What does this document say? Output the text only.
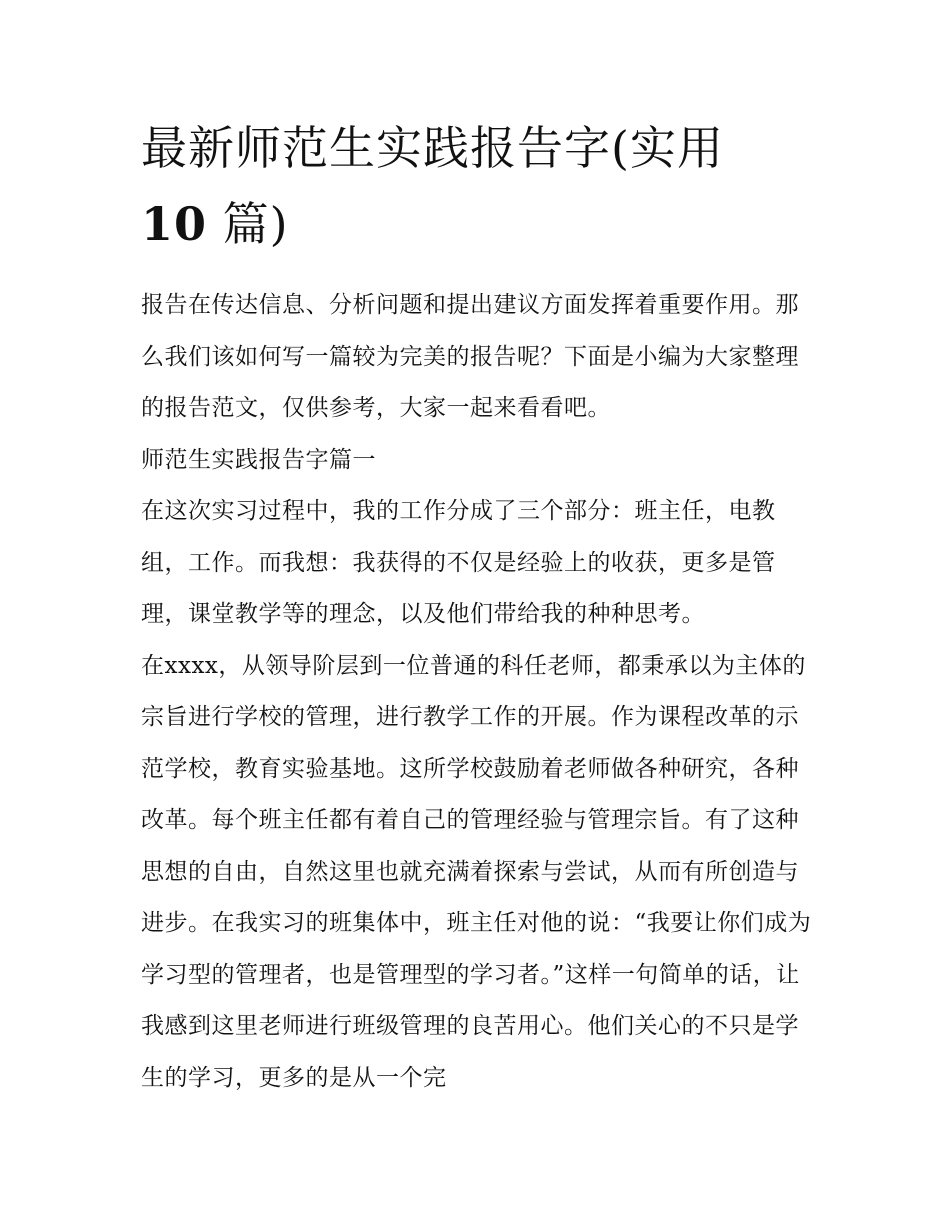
最新师范生实践报告字(实用
10 篇)

报告在传达信息、分析问题和提出建议方面发挥着重要作用。那么我们该如何写一篇较为完美的报告呢？下面是小编为大家整理的报告范文，仅供参考，大家一起来看看吧。

师范生实践报告字篇一

在这次实习过程中，我的工作分成了三个部分：班主任，电教组，工作。而我想：我获得的不仅是经验上的收获，更多是管理，课堂教学等的理念，以及他们带给我的种种思考。

在xxxx，从领导阶层到一位普通的科任老师，都秉承以为主体的宗旨进行学校的管理，进行教学工作的开展。作为课程改革的示范学校，教育实验基地。这所学校鼓励着老师做各种研究，各种改革。每个班主任都有着自己的管理经验与管理宗旨。有了这种思想的自由，自然这里也就充满着探索与尝试，从而有所创造与进步。在我实习的班集体中，班主任对他的说：“我要让你们成为学习型的管理者，也是管理型的学习者。”这样一句简单的话，让我感到这里老师进行班级管理的良苦用心。他们关心的不只是学生的学习，更多的是从一个完
